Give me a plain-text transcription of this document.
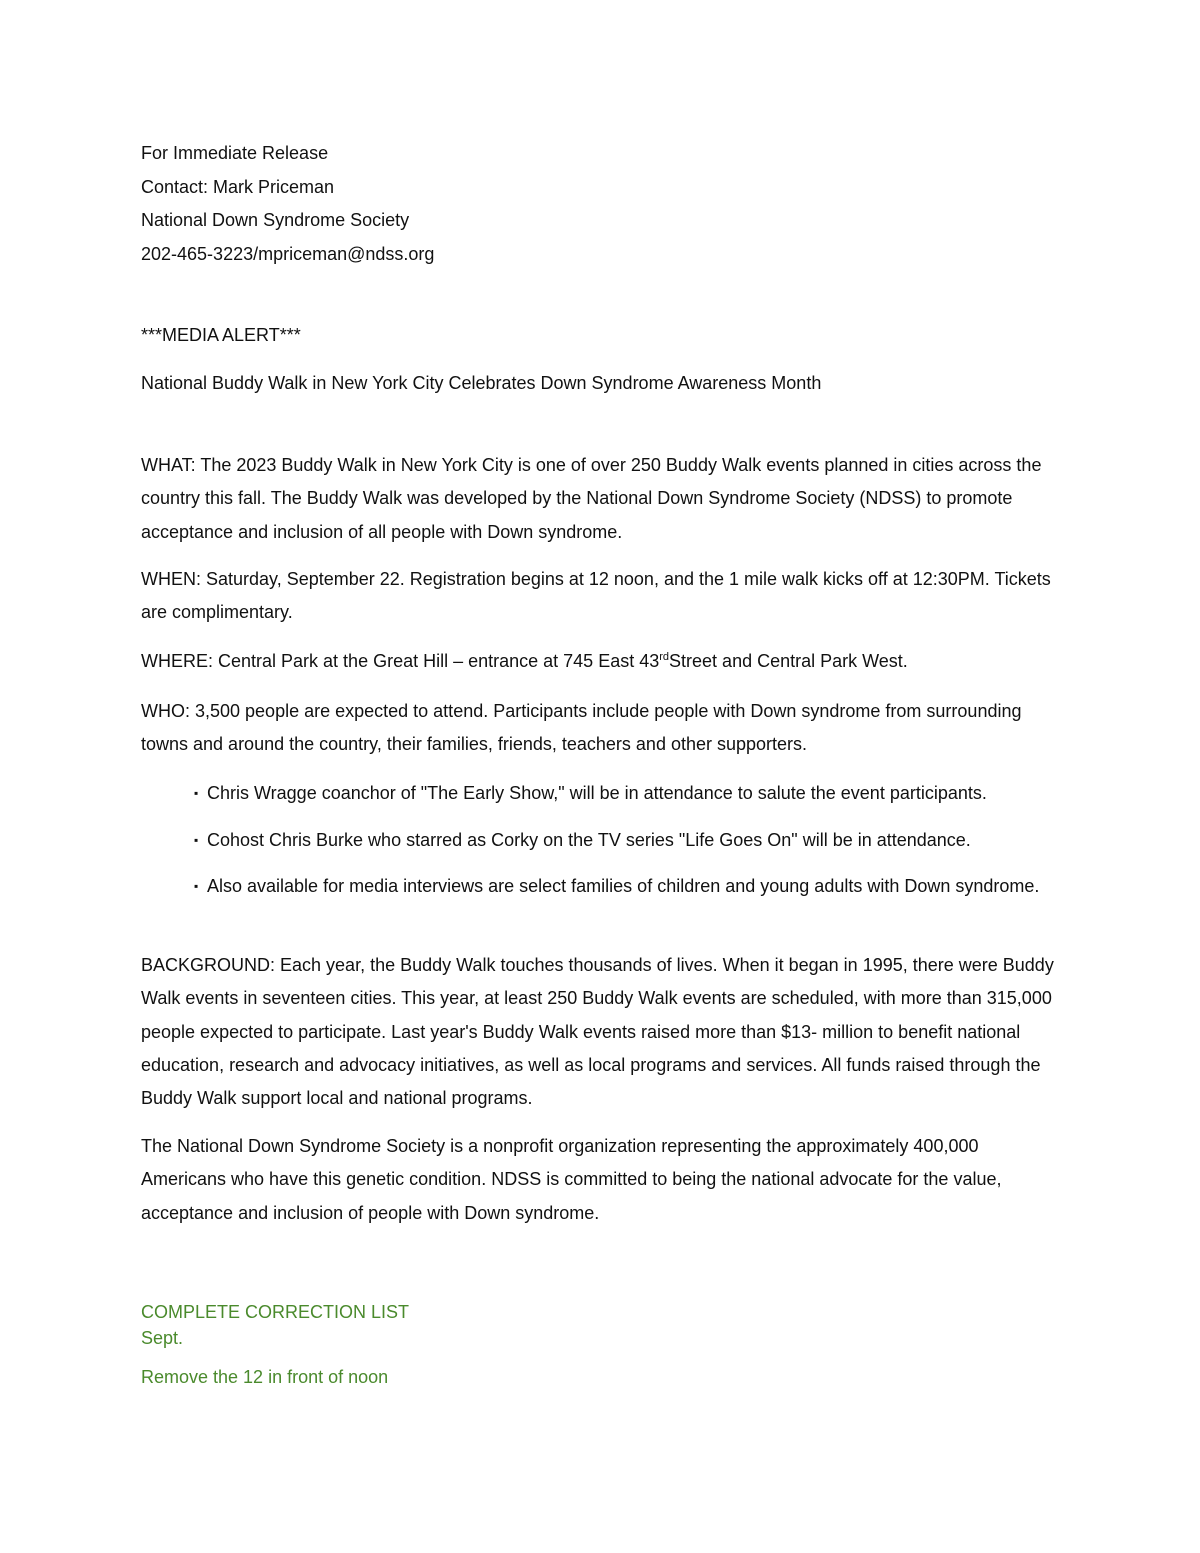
For Immediate Release
Contact: Mark Priceman
National Down Syndrome Society
202-465-3223/mpriceman@ndss.org
***MEDIA ALERT***
National Buddy Walk in New York City Celebrates Down Syndrome Awareness Month
WHAT: The 2023 Buddy Walk in New York City is one of over 250 Buddy Walk events planned in cities across the country this fall. The Buddy Walk was developed by the National Down Syndrome Society (NDSS) to promote acceptance and inclusion of all people with Down syndrome.
WHEN: Saturday, September 22. Registration begins at 12 noon, and the 1 mile walk kicks off at 12:30PM. Tickets are complimentary.
WHERE: Central Park at the Great Hill – entrance at 745 East 43rdStreet and Central Park West.
WHO: 3,500 people are expected to attend. Participants include people with Down syndrome from surrounding towns and around the country, their families, friends, teachers and other supporters.
▪ Chris Wragge coanchor of "The Early Show," will be in attendance to salute the event participants.
▪ Cohost Chris Burke who starred as Corky on the TV series "Life Goes On" will be in attendance.
▪ Also available for media interviews are select families of children and young adults with Down syndrome.
BACKGROUND: Each year, the Buddy Walk touches thousands of lives. When it began in 1995, there were Buddy Walk events in seventeen cities. This year, at least 250 Buddy Walk events are scheduled, with more than 315,000 people expected to participate. Last year's Buddy Walk events raised more than $13- million to benefit national education, research and advocacy initiatives, as well as local programs and services. All funds raised through the Buddy Walk support local and national programs.
The National Down Syndrome Society is a nonprofit organization representing the approximately 400,000 Americans who have this genetic condition. NDSS is committed to being the national advocate for the value, acceptance and inclusion of people with Down syndrome.
COMPLETE CORRECTION LIST
Sept.
Remove the 12 in front of noon
